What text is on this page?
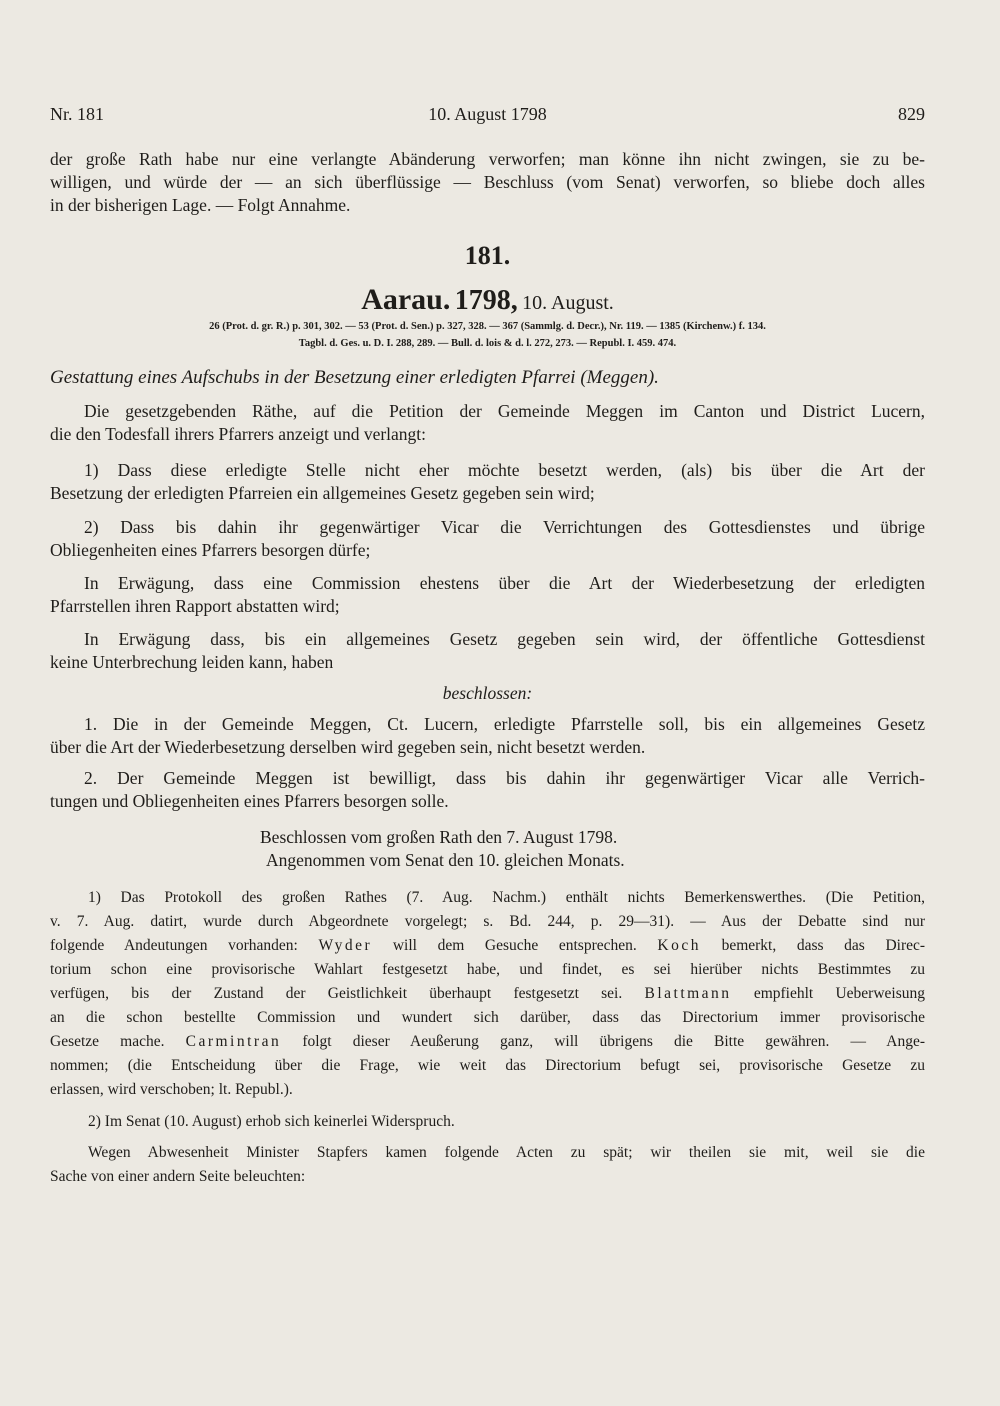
Nr. 181	10. August 1798	829
der große Rath habe nur eine verlangte Abänderung verworfen; man könne ihn nicht zwingen, sie zu be-
willigen, und würde der — an sich überflüssige — Beschluss (vom Senat) verworfen, so bliebe doch alles
in der bisherigen Lage. — Folgt Annahme.
181.
Aarau. 1798, 10. August.
26 (Prot. d. gr. R.) p. 301, 302. — 53 (Prot. d. Sen.) p. 327, 328. — 367 (Sammlg. d. Decr.), Nr. 119. — 1385 (Kirchenw.) f. 134.
Tagbl. d. Ges. u. D. I. 288, 289. — Bull. d. lois & d. l. 272, 273. — Republ. I. 459. 474.
Gestattung eines Aufschubs in der Besetzung einer erledigten Pfarrei (Meggen).
Die gesetzgebenden Räthe, auf die Petition der Gemeinde Meggen im Canton und District Lucern,
die den Todesfall ihrers Pfarrers anzeigt und verlangt:
1) Dass diese erledigte Stelle nicht eher möchte besetzt werden, (als) bis über die Art der
Besetzung der erledigten Pfarreien ein allgemeines Gesetz gegeben sein wird;
2) Dass bis dahin ihr gegenwärtiger Vicar die Verrichtungen des Gottesdienstes und übrige
Obliegenheiten eines Pfarrers besorgen dürfe;
In Erwägung, dass eine Commission ehestens über die Art der Wiederbesetzung der erledigten
Pfarrstellen ihren Rapport abstatten wird;
In Erwägung dass, bis ein allgemeines Gesetz gegeben sein wird, der öffentliche Gottesdienst
keine Unterbrechung leiden kann, haben
beschlossen:
1. Die in der Gemeinde Meggen, Ct. Lucern, erledigte Pfarrstelle soll, bis ein allgemeines Gesetz
über die Art der Wiederbesetzung derselben wird gegeben sein, nicht besetzt werden.
2. Der Gemeinde Meggen ist bewilligt, dass bis dahin ihr gegenwärtiger Vicar alle Verrich-
tungen und Obliegenheiten eines Pfarrers besorgen solle.
Beschlossen vom großen Rath den 7. August 1798.
Angenommen vom Senat den 10. gleichen Monats.
1) Das Protokoll des großen Rathes (7. Aug. Nachm.) enthält nichts Bemerkenswerthes. (Die Petition,
v. 7. Aug. datirt, wurde durch Abgeordnete vorgelegt; s. Bd. 244, p. 29—31). — Aus der Debatte sind nur
folgende Andeutungen vorhanden: Wyder will dem Gesuche entsprechen. Koch bemerkt, dass das Direc-
torium schon eine provisorische Wahlart festgesetzt habe, und findet, es sei hierüber nichts Bestimmtes zu
verfügen, bis der Zustand der Geistlichkeit überhaupt festgesetzt sei. Blattmann empfiehlt Ueberweisung
an die schon bestellte Commission und wundert sich darüber, dass das Directorium immer provisorische
Gesetze mache. Carmintran folgt dieser Aeußerung ganz, will übrigens die Bitte gewähren. — Ange-
nommen; (die Entscheidung über die Frage, wie weit das Directorium befugt sei, provisorische Gesetze zu
erlassen, wird verschoben; lt. Republ.).
2) Im Senat (10. August) erhob sich keinerlei Widerspruch.
Wegen Abwesenheit Minister Stapfers kamen folgende Acten zu spät; wir theilen sie mit, weil sie die
Sache von einer andern Seite beleuchten:
